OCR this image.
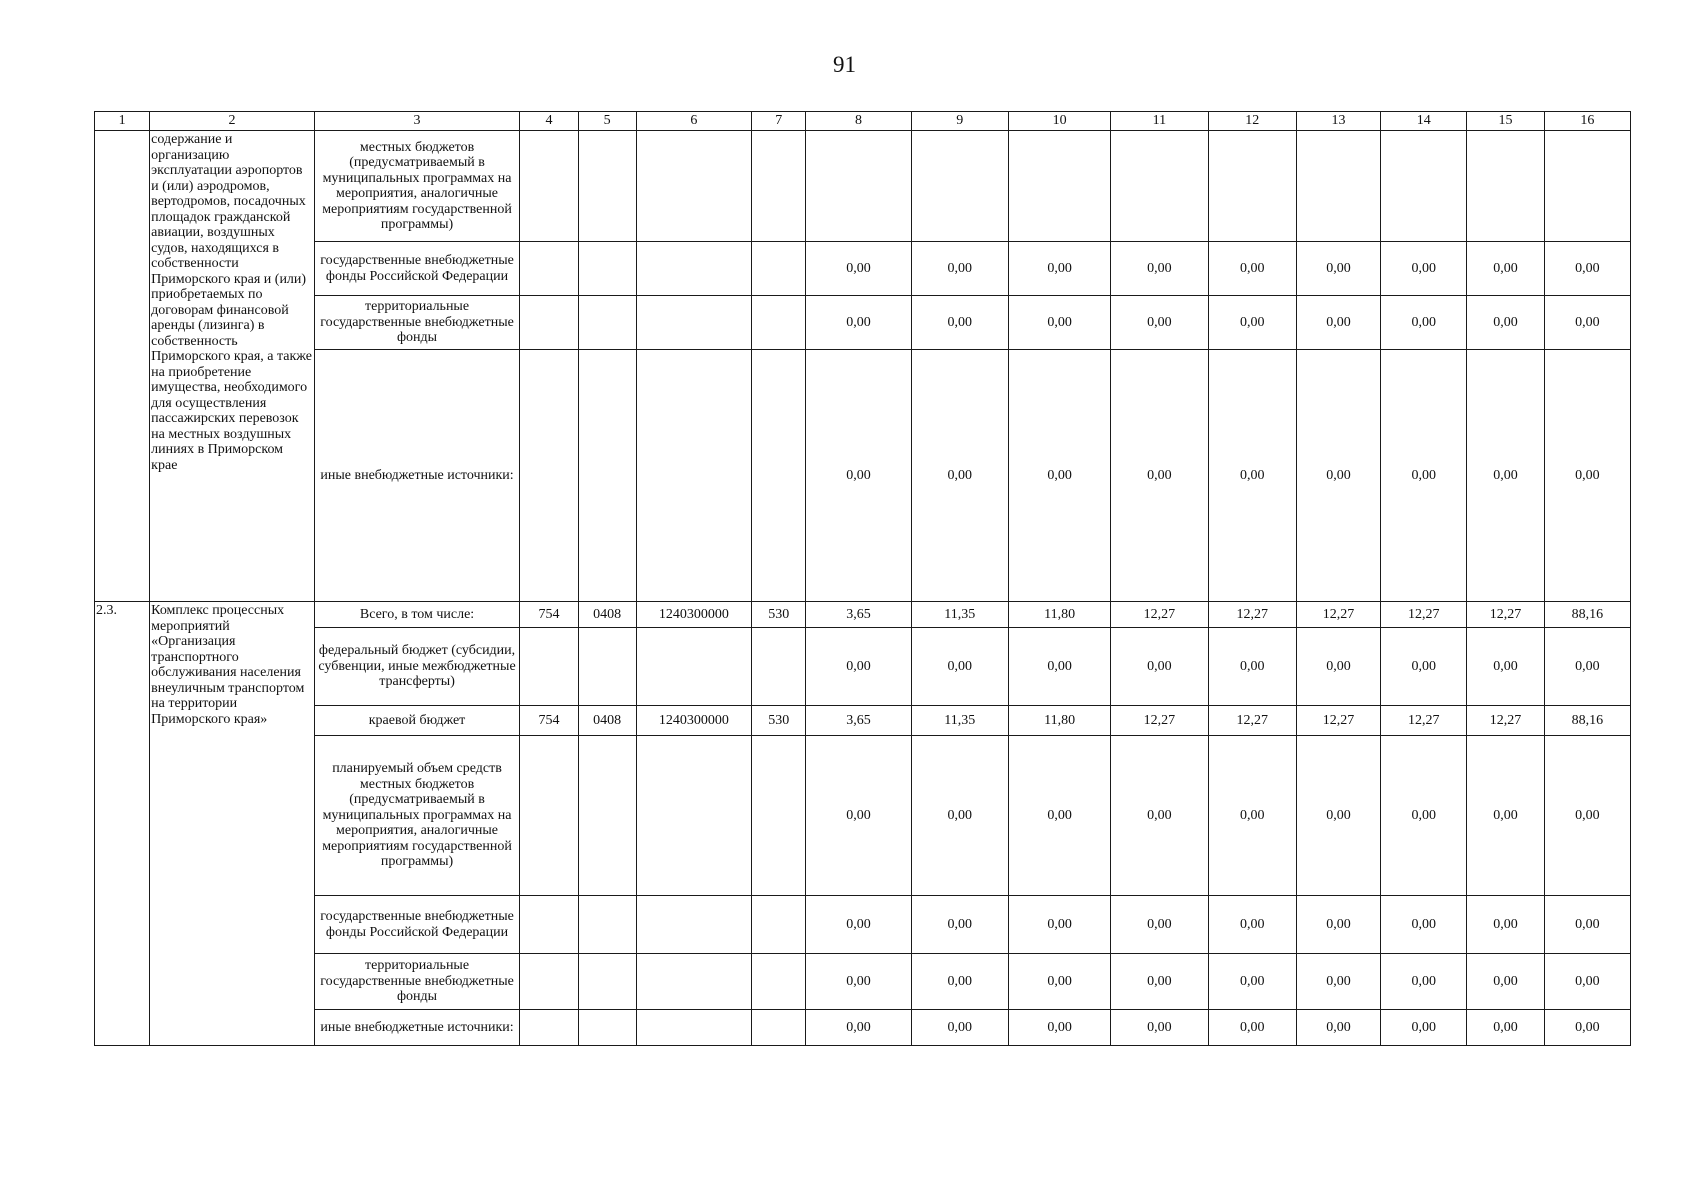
91
1	2	3	4	5	6	7	8	9	10	11	12	13	14	15	16
	содержание и организацию эксплуатации аэропортов и (или) аэродромов, вертодромов, посадочных площадок гражданской авиации, воздушных судов, находящихся в собственности Приморского края и (или) приобретаемых по договорам финансовой аренды (лизинга) в собственность Приморского края, а также на приобретение имущества, необходимого для осуществления пассажирских перевозок на местных воздушных линиях в Приморском крае	местных бюджетов (предусматриваемый в муниципальных программах на мероприятия, аналогичные мероприятиям государственной программы)													
		государственные внебюджетные фонды Российской Федерации					0,00	0,00	0,00	0,00	0,00	0,00	0,00	0,00	0,00
		территориальные государственные внебюджетные фонды					0,00	0,00	0,00	0,00	0,00	0,00	0,00	0,00	0,00
		иные внебюджетные источники:					0,00	0,00	0,00	0,00	0,00	0,00	0,00	0,00	0,00
2.3.	Комплекс процессных мероприятий «Организация транспортного обслуживания населения внеуличным транспортом на территории Приморского края»	Всего, в том числе:	754	0408	1240300000	530	3,65	11,35	11,80	12,27	12,27	12,27	12,27	12,27	88,16
		федеральный бюджет (субсидии, субвенции, иные межбюджетные трансферты)					0,00	0,00	0,00	0,00	0,00	0,00	0,00	0,00	0,00
		краевой бюджет	754	0408	1240300000	530	3,65	11,35	11,80	12,27	12,27	12,27	12,27	12,27	88,16
		планируемый объем средств местных бюджетов (предусматриваемый в муниципальных программах на мероприятия, аналогичные мероприятиям государственной программы)					0,00	0,00	0,00	0,00	0,00	0,00	0,00	0,00	0,00
		государственные внебюджетные фонды Российской Федерации					0,00	0,00	0,00	0,00	0,00	0,00	0,00	0,00	0,00
		территориальные государственные внебюджетные фонды					0,00	0,00	0,00	0,00	0,00	0,00	0,00	0,00	0,00
		иные внебюджетные источники:					0,00	0,00	0,00	0,00	0,00	0,00	0,00	0,00	0,00
